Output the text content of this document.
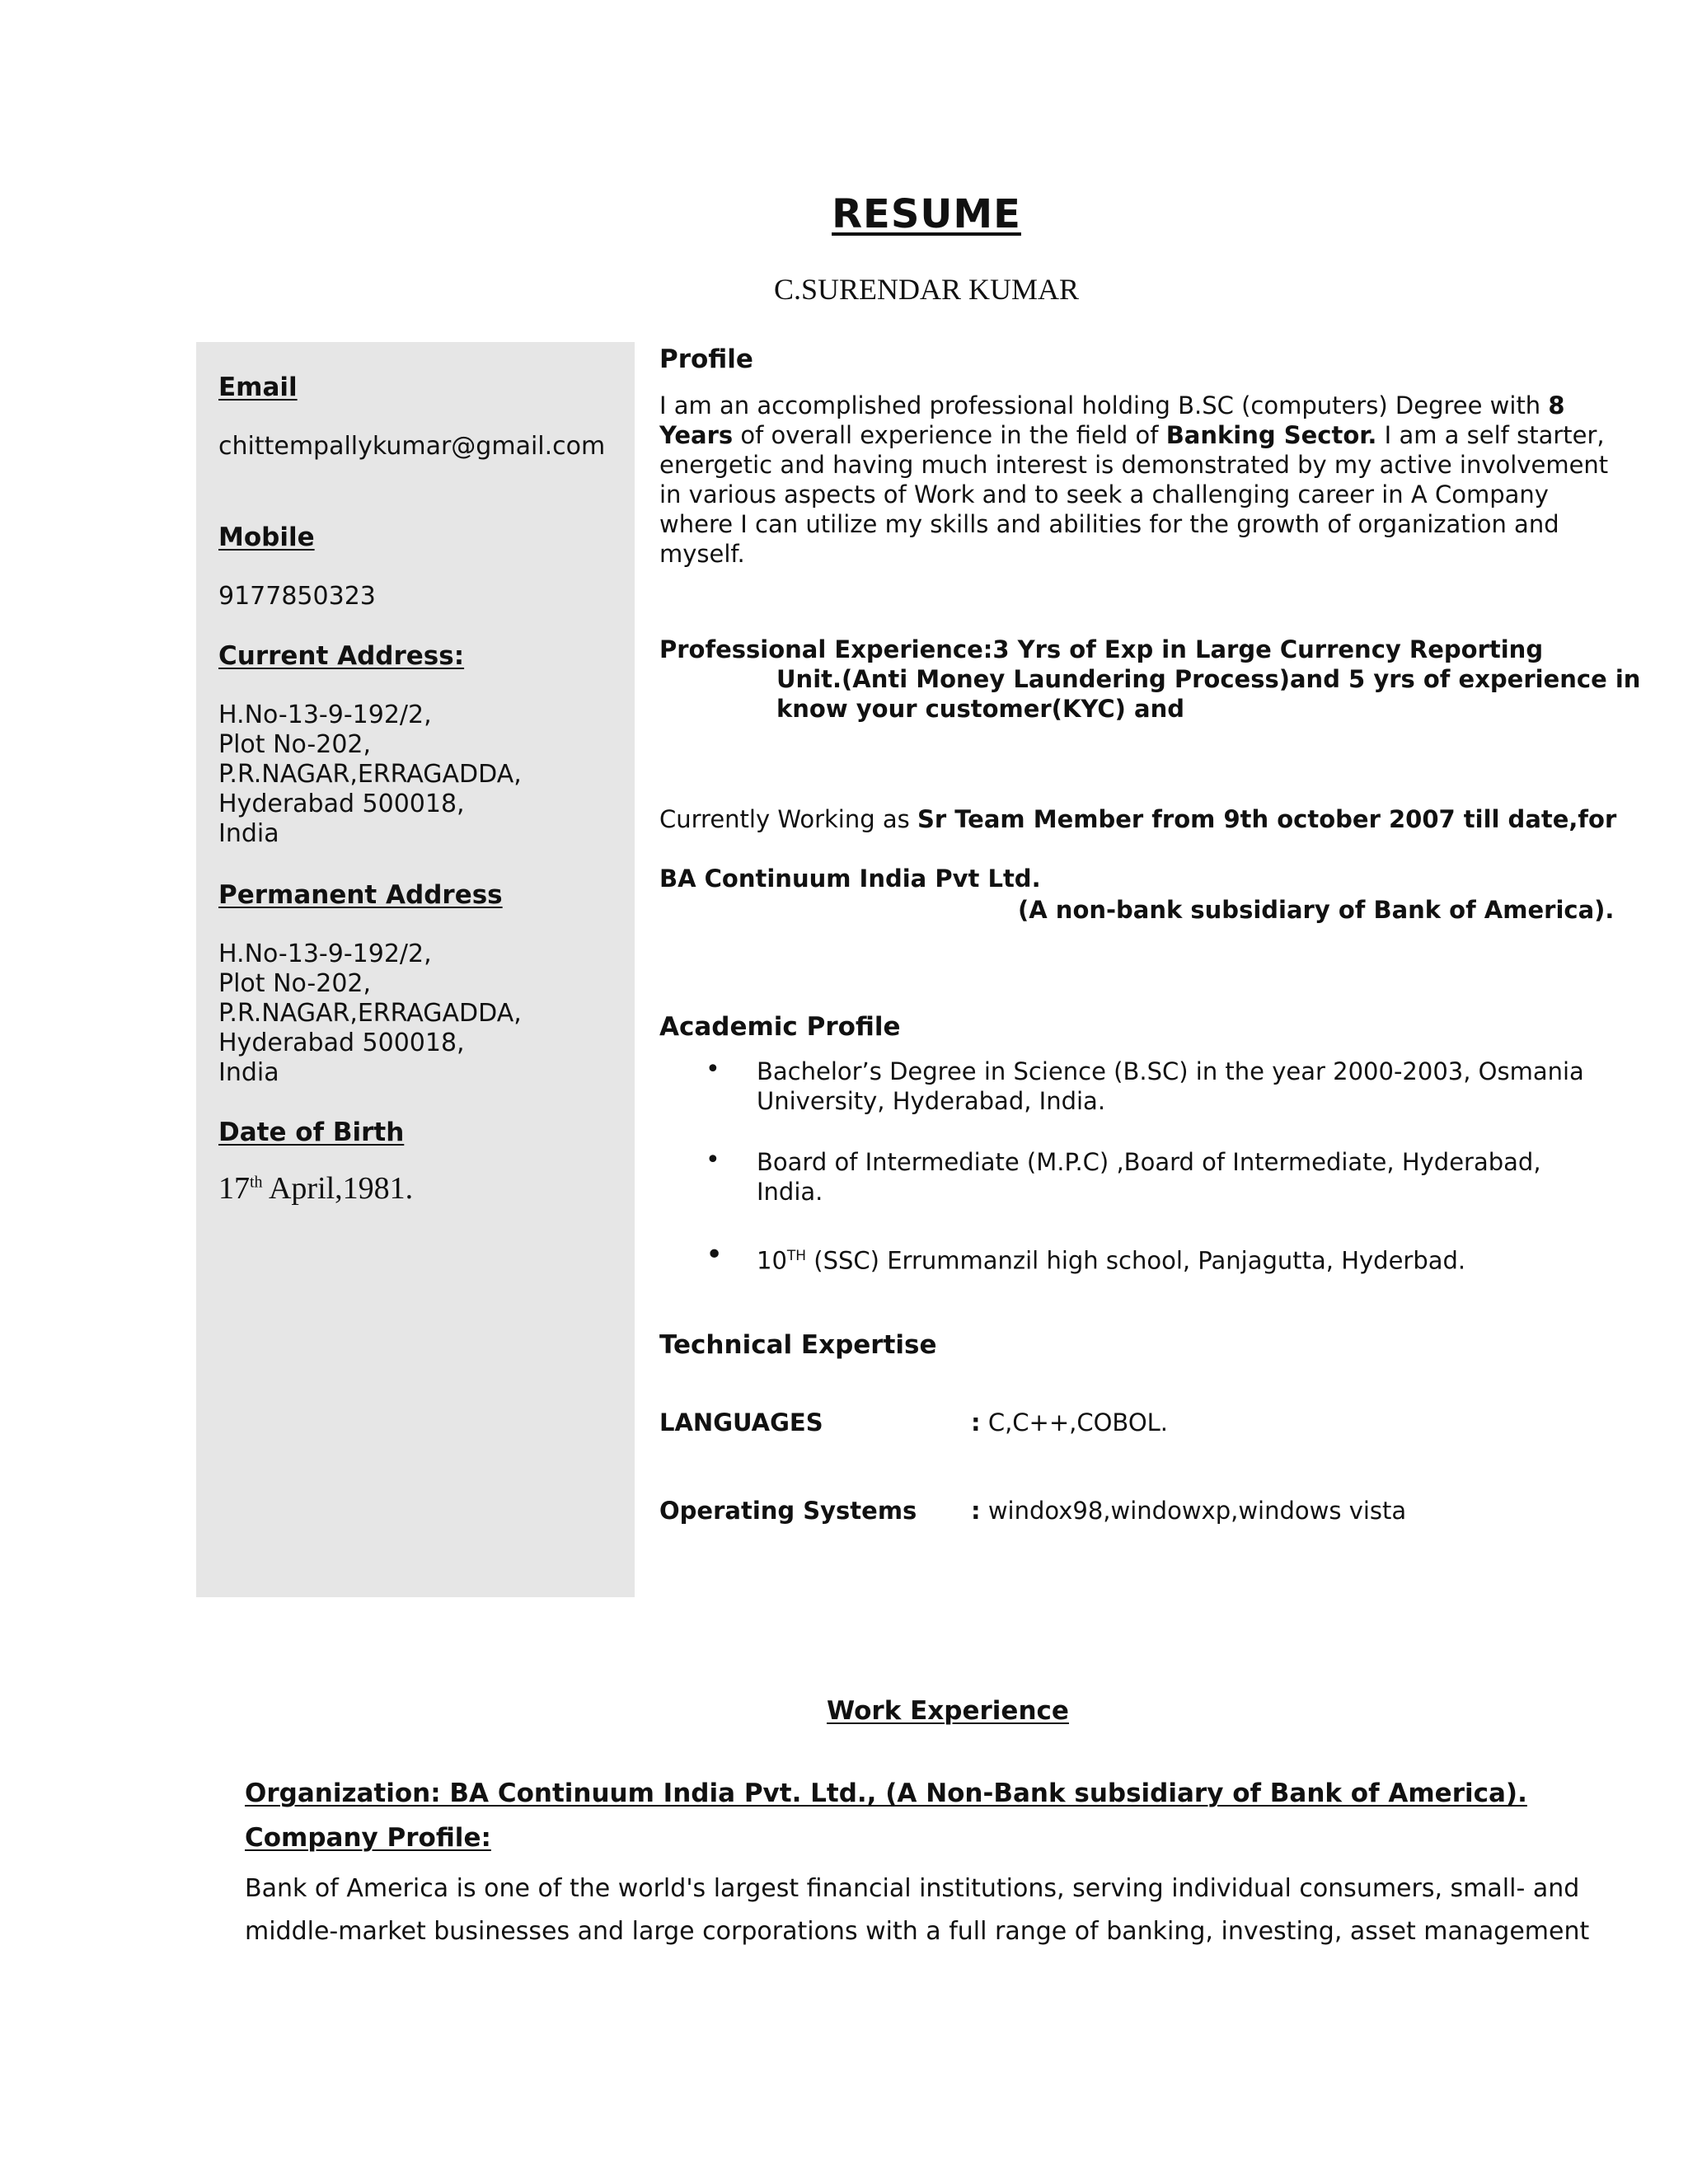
RESUME
C.SURENDAR KUMAR
Email
chittempallykumar@gmail.com
Mobile
9177850323
Current Address:
H.No-13-9-192/2,
Plot No-202,
P.R.NAGAR,ERRAGADDA,
Hyderabad 500018,
India
Permanent Address
H.No-13-9-192/2,
Plot No-202,
P.R.NAGAR,ERRAGADDA,
Hyderabad 500018,
India
Date of Birth
17th April,1981.
Profile
I am an accomplished professional holding B.SC (computers) Degree with 8
Years of overall experience in the field of Banking Sector. I am a self starter,
energetic and having much interest is demonstrated by my active involvement
in various aspects of Work and to seek a challenging career in A Company
where I can utilize my skills and abilities for the growth of organization and
myself.
Professional Experience:3 Yrs of Exp in Large Currency Reporting
Unit.(Anti Money Laundering Process)and 5 yrs of experience in
know your customer(KYC) and
Currently Working as Sr Team Member from 9th october 2007 till date,for
BA Continuum India Pvt Ltd.
(A non-bank subsidiary of Bank of America).
Academic Profile
• Bachelor’s Degree in Science (B.SC) in the year 2000-2003, Osmania
University, Hyderabad, India.
• Board of Intermediate (M.P.C) ,Board of Intermediate, Hyderabad,
India.
• 10TH (SSC) Errummanzil high school, Panjagutta, Hyderbad.
Technical Expertise
LANGUAGES	: C,C++,COBOL.
Operating Systems : windox98,windowxp,windows vista
Work Experience
Organization: BA Continuum India Pvt. Ltd., (A Non-Bank subsidiary of Bank of America).
Company Profile:
Bank of America is one of the world's largest financial institutions, serving individual consumers, small- and
middle-market businesses and large corporations with a full range of banking, investing, asset management
